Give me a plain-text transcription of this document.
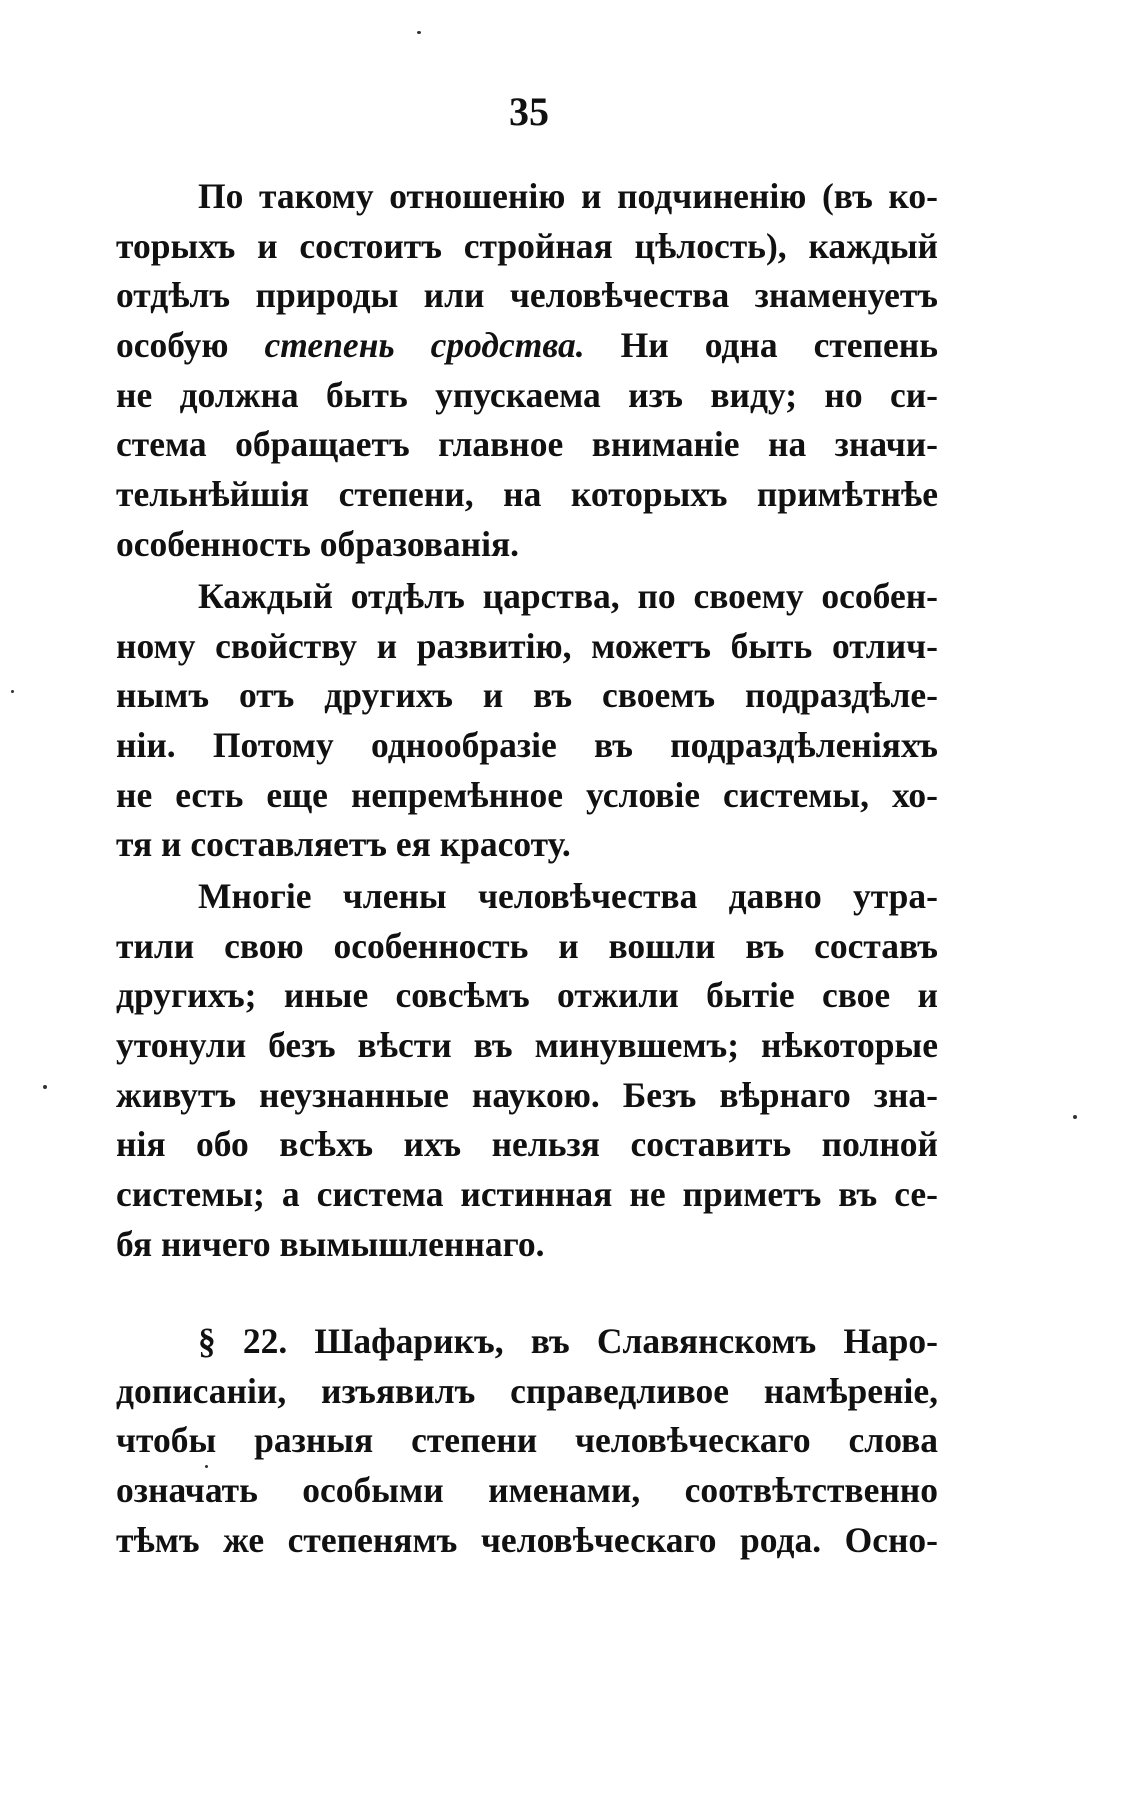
35
По такому отношенію и подчиненію (въ ко-
торыхъ и состоитъ стройная цѣлость), каждый
отдѣлъ природы или человѣчества знаменуетъ
особую степень сродства. Ни одна степень
не должна быть упускаема изъ виду; но си-
стема обращаетъ главное вниманіе на значи-
тельнѣйшія степени, на которыхъ примѣтнѣе
особенность образованія.
Каждый отдѣлъ царства, по своему особен-
ному свойству и развитію, можетъ быть отлич-
нымъ отъ другихъ и въ своемъ подраздѣле-
ніи. Потому однообразіе въ подраздѣленіяхъ
не есть еще непремѣнное условіе системы, хо-
тя и составляетъ ея красоту.
Многіе члены человѣчества давно утра-
тили свою особенность и вошли въ составъ
другихъ; иные совсѣмъ отжили бытіе свое и
утонули безъ вѣсти въ минувшемъ; нѣкоторые
живутъ неузнанные наукою. Безъ вѣрнаго зна-
нія обо всѣхъ ихъ нельзя составить полной
системы; а система истинная не приметъ въ се-
бя ничего вымышленнаго.
§ 22. Шафарикъ, въ Славянскомъ Наро-
дописаніи, изъявилъ справедливое намѣреніе,
чтобы разныя степени человѣческаго слова
означать особыми именами, соотвѣтственно
тѣмъ же степенямъ человѣческаго рода. Осно-
